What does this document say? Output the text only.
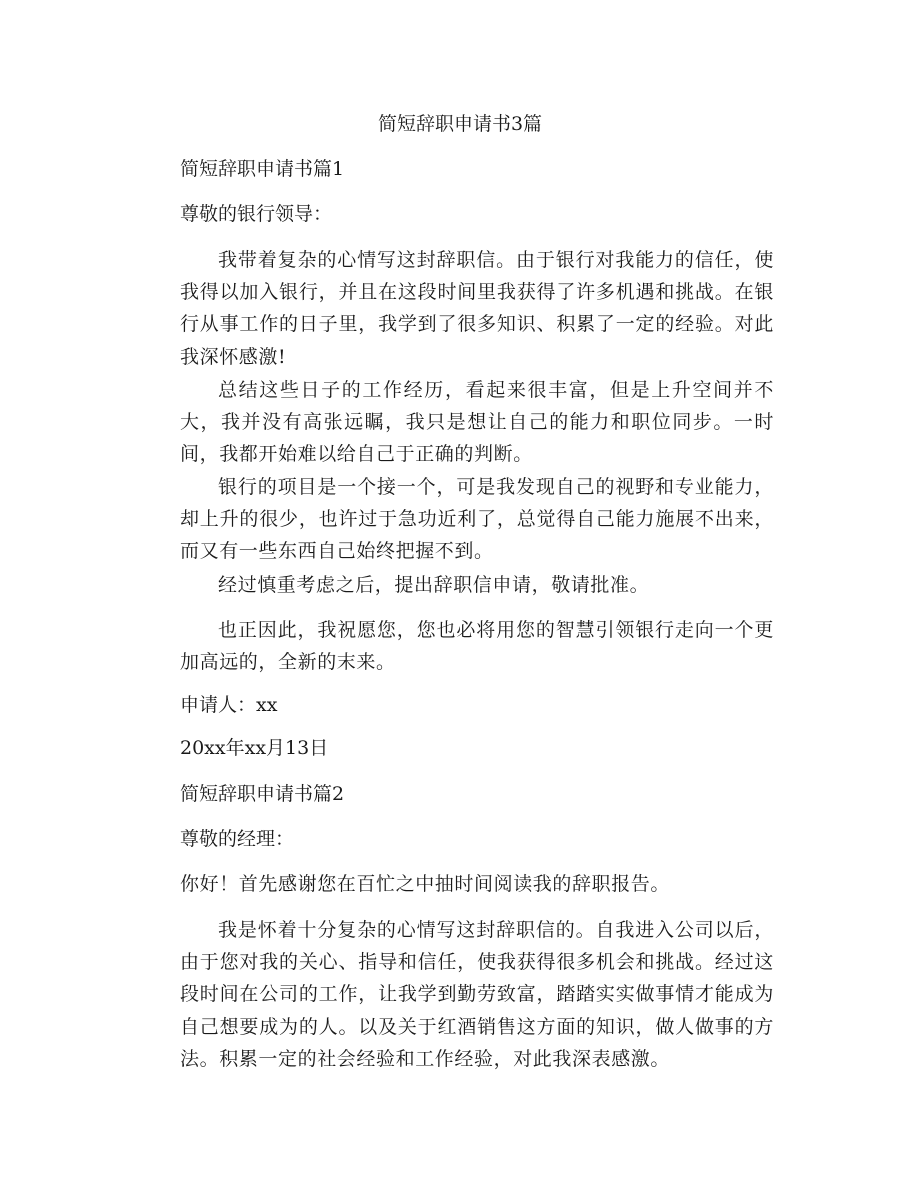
简短辞职申请书3篇

简短辞职申请书篇1

尊敬的银行领导：

我带着复杂的心情写这封辞职信。由于银行对我能力的信任，使我得以加入银行，并且在这段时间里我获得了许多机遇和挑战。在银行从事工作的日子里，我学到了很多知识、积累了一定的经验。对此我深怀感激!

总结这些日子的工作经历，看起来很丰富，但是上升空间并不大，我并没有高张远瞩，我只是想让自己的能力和职位同步。一时间，我都开始难以给自己于正确的判断。

银行的项目是一个接一个，可是我发现自己的视野和专业能力，却上升的很少，也许过于急功近利了，总觉得自己能力施展不出来，而又有一些东西自己始终把握不到。

经过慎重考虑之后，提出辞职信申请，敬请批准。

也正因此，我祝愿您，您也必将用您的智慧引领银行走向一个更加高远的，全新的末来。

申请人：xx

20xx年xx月13日

简短辞职申请书篇2

尊敬的经理：

你好！首先感谢您在百忙之中抽时间阅读我的辞职报告。

我是怀着十分复杂的心情写这封辞职信的。自我进入公司以后，由于您对我的关心、指导和信任，使我获得很多机会和挑战。经过这段时间在公司的工作，让我学到勤劳致富，踏踏实实做事情才能成为自己想要成为的人。以及关于红酒销售这方面的知识，做人做事的方法。积累一定的社会经验和工作经验，对此我深表感激。
